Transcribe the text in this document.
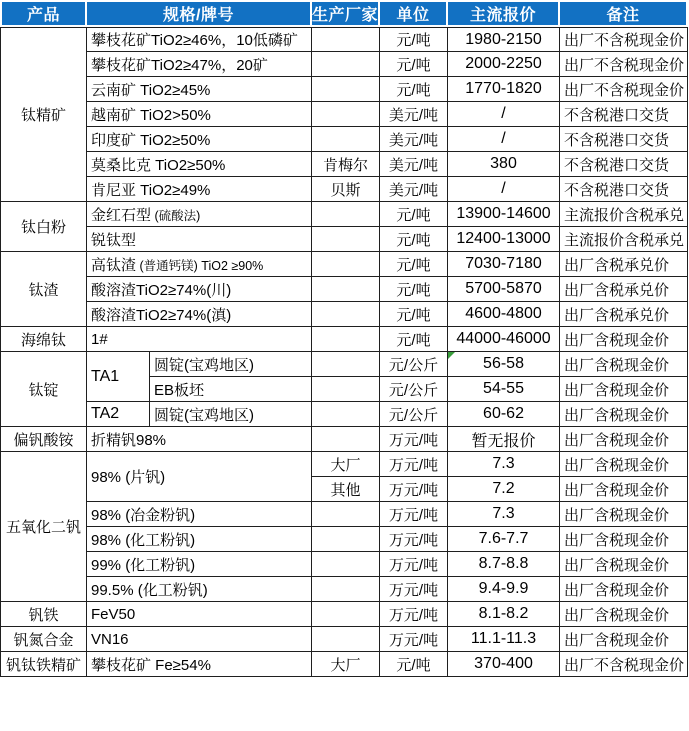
产品	规格/牌号		生产厂家	单位	主流报价	备注
钛精矿	攀枝花矿TiO2≥46%，10低磷矿			元/吨	1980-2150	出厂不含税现金价
	攀枝花矿TiO2≥47%，20矿			元/吨	2000-2250	出厂不含税现金价
	云南矿 TiO2≥45%			元/吨	1770-1820	出厂不含税现金价
	越南矿 TiO2>50%			美元/吨	/	不含税港口交货
	印度矿 TiO2≥50%			美元/吨	/	不含税港口交货
	莫桑比克 TiO2≥50%		肯梅尔	美元/吨	380	不含税港口交货
	肯尼亚 TiO2≥49%		贝斯	美元/吨	/	不含税港口交货
钛白粉	金红石型 (硫酸法)			元/吨	13900-14600	主流报价含税承兑
	锐钛型			元/吨	12400-13000	主流报价含税承兑
钛渣	高钛渣 (普通钙镁) TiO2 ≥90%			元/吨	7030-7180	出厂含税承兑价
	酸溶渣TiO2≥74%(川)			元/吨	5700-5870	出厂含税承兑价
	酸溶渣TiO2≥74%(滇)			元/吨	4600-4800	出厂含税承兑价
海绵钛	1#			元/吨	44000-46000	出厂含税现金价
钛锭	TA1	圆锭(宝鸡地区)		元/公斤	56-58	出厂含税现金价
		EB板坯		元/公斤	54-55	出厂含税现金价
	TA2	圆锭(宝鸡地区)		元/公斤	60-62	出厂含税现金价
偏钒酸铵	折精钒98%			万元/吨	暂无报价	出厂含税现金价
五氧化二钒	98% (片钒)		大厂	万元/吨	7.3	出厂含税现金价
			其他	万元/吨	7.2	出厂含税现金价
	98% (冶金粉钒)			万元/吨	7.3	出厂含税现金价
	98% (化工粉钒)			万元/吨	7.6-7.7	出厂含税现金价
	99% (化工粉钒)			万元/吨	8.7-8.8	出厂含税现金价
	99.5% (化工粉钒)			万元/吨	9.4-9.9	出厂含税现金价
钒铁	FeV50			万元/吨	8.1-8.2	出厂含税现金价
钒氮合金	VN16			万元/吨	11.1-11.3	出厂含税现金价
钒钛铁精矿	攀枝花矿 Fe≥54%		大厂	元/吨	370-400	出厂不含税现金价
